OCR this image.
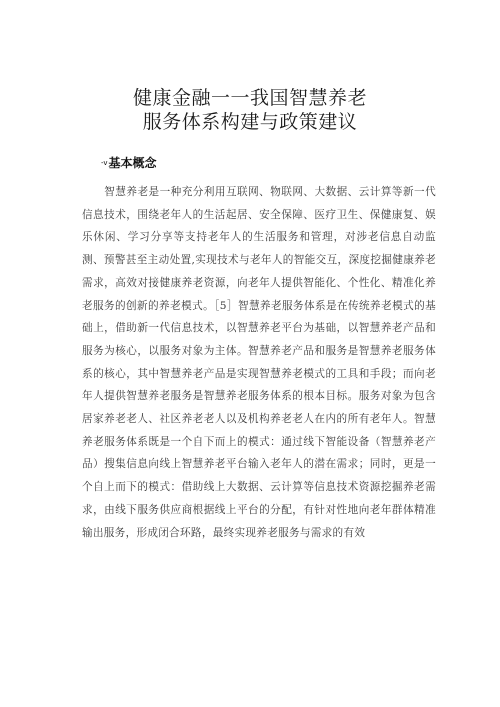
健康金融一一我国智慧养老
服务体系构建与政策建议
-v基本概念

智慧养老是一种充分利用互联网、物联网、大数据、云计算等新一代信息技术，围绕老年人的生活起居、安全保障、医疗卫生、保健康复、娱乐休闲、学习分享等支持老年人的生活服务和管理，对涉老信息自动监测、预警甚至主动处置,实现技术与老年人的智能交互，深度挖掘健康养老需求，高效对接健康养老资源，向老年人提供智能化、个性化、精准化养老服务的创新的养老模式。［5］智慧养老服务体系是在传统养老模式的基础上，借助新一代信息技术，以智慧养老平台为基础，以智慧养老产品和服务为核心，以服务对象为主体。智慧养老产品和服务是智慧养老服务体系的核心，其中智慧养老产品是实现智慧养老模式的工具和手段；而向老年人提供智慧养老服务是智慧养老服务体系的根本目标。服务对象为包含居家养老老人、社区养老老人以及机构养老老人在内的所有老年人。智慧养老服务体系既是一个自下而上的模式：通过线下智能设备（智慧养老产品）搜集信息向线上智慧养老平台输入老年人的潜在需求；同时，更是一个自上而下的模式：借助线上大数据、云计算等信息技术资源挖掘养老需求，由线下服务供应商根据线上平台的分配，有针对性地向老年群体精准输出服务，形成闭合环路，最终实现养老服务与需求的有效
